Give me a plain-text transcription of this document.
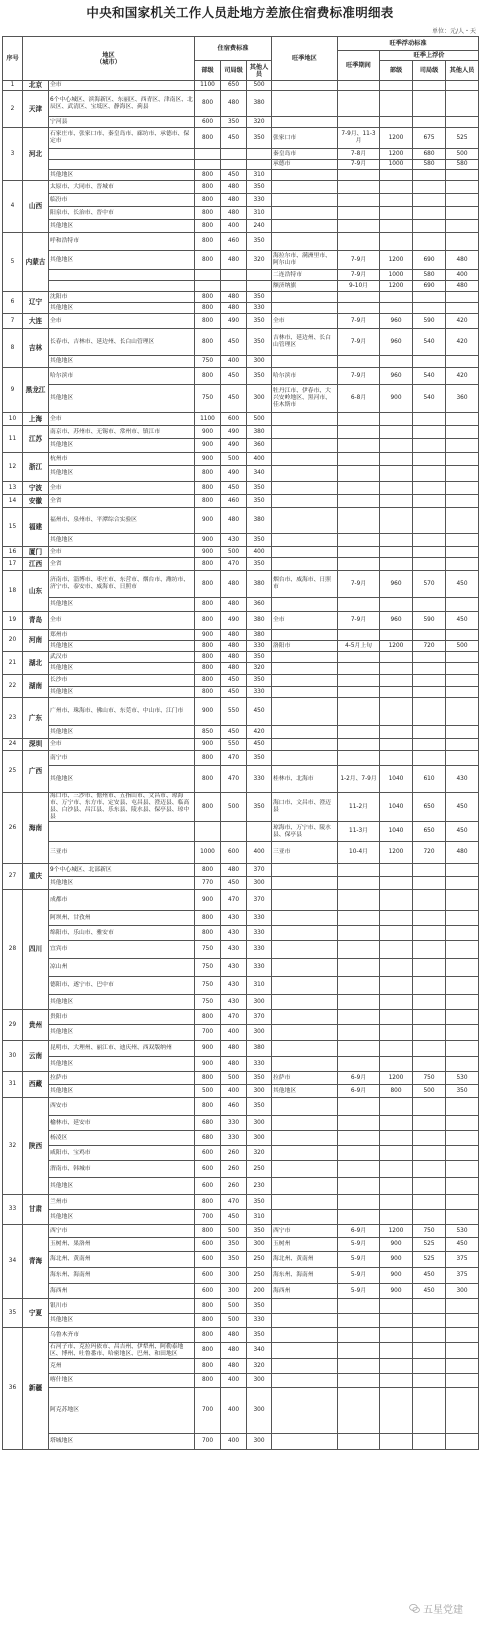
中央和国家机关工作人员赴地方差旅住宿费标准明细表
单位：元/人・天
序号	地区
（城市）		住宿费标准			旺季地区	旺季浮动标准			
							旺季期间	旺季上浮价		
			部级	司局级	其他人员			部级	司局级	其他人员
1	北京	全市	1100	650	500					
2	天津	6个中心城区、滨海新区、东丽区、西青区、津南区、北辰区、武清区、宝坻区、静海区、蓟县	800	480	380					
		宁河县	600	350	320					
3	河北	石家庄市、张家口市、秦皇岛市、廊坊市、承德市、保定市	800	450	350	张家口市	7-9月、11-3月	1200	675	525
						秦皇岛市	7-8月	1200	680	500
						承德市	7-9月	1000	580	580
		其他地区	800	450	310					
4	山西	太原市、大同市、晋城市	800	480	350					
		临汾市	800	480	330					
		阳泉市、长治市、晋中市	800	480	310					
		其他地区	800	400	240					
5	内蒙古	呼和浩特市	800	460	350					
		其他地区	800	480	320	海拉尔市、满洲里市、阿尔山市	7-9月	1200	690	480
						二连浩特市	7-9月	1000	580	400
						额济纳旗	9-10月	1200	690	480
6	辽宁	沈阳市	800	480	350					
		其他地区	800	480	330					
7	大连	全市	800	490	350	全市	7-9月	960	590	420
8	吉林	长春市、吉林市、延边州、长白山管理区	800	450	350	吉林市、延边州、长白山管理区	7-9月	960	540	420
		其他地区	750	400	300					
9	黑龙江	哈尔滨市	800	450	350	哈尔滨市	7-9月	960	540	420
		其他地区	750	450	300	牡丹江市、伊春市、大兴安岭地区、黑河市、佳木斯市	6-8月	900	540	360
10	上海	全市	1100	600	500					
11	江苏	南京市、苏州市、无锡市、常州市、镇江市	900	490	380					
		其他地区	900	490	360					
12	浙江	杭州市	900	500	400					
		其他地区	800	490	340					
13	宁波	全市	800	450	350					
14	安徽	全省	800	460	350					
15	福建	福州市、泉州市、平潭综合实验区	900	480	380					
		其他地区	900	430	350					
16	厦门	全市	900	500	400					
17	江西	全省	800	470	350					
18	山东	济南市、淄博市、枣庄市、东营市、烟台市、潍坊市、济宁市、泰安市、威海市、日照市	800	480	380	烟台市、威海市、日照市	7-9月	960	570	450
		其他地区	800	480	360					
19	青岛	全市	800	490	380	全市	7-9月	960	590	450
20	河南	郑州市	900	480	380					
		其他地区	800	480	330	洛阳市	4-5月上旬	1200	720	500
21	湖北	武汉市	800	480	350					
		其他地区	800	480	320					
22	湖南	长沙市	800	450	350					
		其他地区	800	450	330					
23	广东	广州市、珠海市、佛山市、东莞市、中山市、江门市	900	550	450					
		其他地区	850	450	420					
24	深圳	全市	900	550	450					
25	广西	南宁市	800	470	350					
		其他地区	800	470	330	桂林市、北海市	1-2月、7-9月	1040	610	430
26	海南	海口市、三沙市、儋州市、五指山市、文昌市、琼海市、万宁市、东方市、定安县、屯昌县、澄迈县、临高县、白沙县、昌江县、乐东县、陵水县、保亭县、琼中县	800	500	350	海口市、文昌市、澄迈县	11-2月	1040	650	450
						琼海市、万宁市、陵水县、保亭县	11-3月	1040	650	450
		三亚市	1000	600	400	三亚市	10-4月	1200	720	480
27	重庆	9个中心城区、北部新区	800	480	370					
		其他地区	770	450	300					
28	四川	成都市	900	470	370					
		阿坝州、甘孜州	800	430	330					
		绵阳市、乐山市、雅安市	800	430	330					
		宜宾市	750	430	330					
		凉山州	750	430	330					
		德阳市、遂宁市、巴中市	750	430	310					
		其他地区	750	430	300					
29	贵州	贵阳市	800	470	370					
		其他地区	700	400	300					
30	云南	昆明市、大理州、丽江市、迪庆州、西双版纳州	900	480	380					
		其他地区	900	480	330					
31	西藏	拉萨市	800	500	350	拉萨市	6-9月	1200	750	530
		其他地区	500	400	300	其他地区	6-9月	800	500	350
32	陕西	西安市	800	460	350					
		榆林市、延安市	680	330	300					
		杨凌区	680	330	300					
		咸阳市、宝鸡市	600	260	320					
		渭南市、韩城市	600	260	250					
		其他地区	600	260	230					
33	甘肃	兰州市	800	470	350					
		其他地区	700	450	310					
34	青海	西宁市	800	500	350	西宁市	6-9月	1200	750	530
		玉树州、果洛州	600	350	300	玉树州	5-9月	900	525	450
		海北州、黄南州	600	350	250	海北州、黄南州	5-9月	900	525	375
		海东州、海南州	600	300	250	海东州、海南州	5-9月	900	450	375
		海西州	600	300	200	海西州	5-9月	900	450	300
35	宁夏	银川市	800	500	350					
		其他地区	800	500	330					
36	新疆	乌鲁木齐市	800	480	350					
		石河子市、克拉玛依市、昌吉州、伊犁州、阿勒泰地区、博州、吐鲁番市、哈密地区、巴州、和田地区	800	480	340					
		克州	800	480	320					
		喀什地区	800	400	300					
		阿克苏地区	700	400	300					
		塔城地区	700	400	300					
五星党建
